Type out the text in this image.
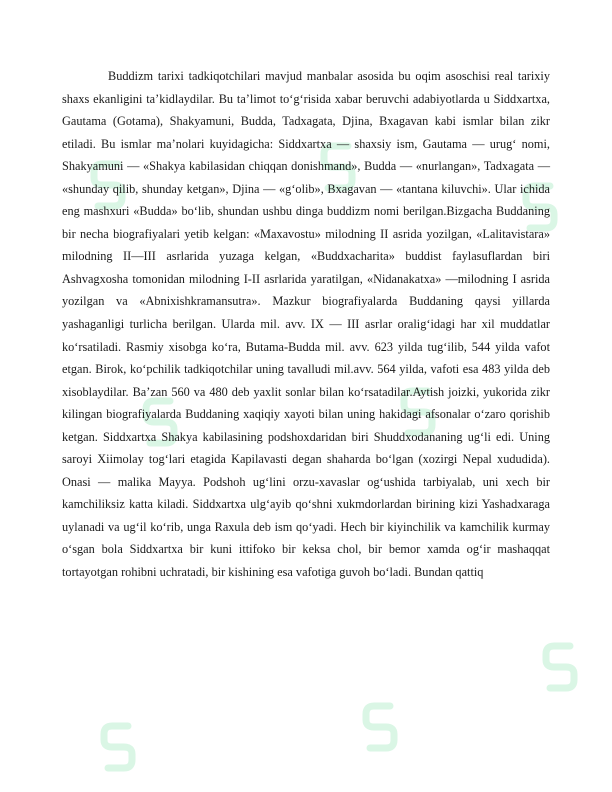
Buddizm tarixi tadkiqotchilari mavjud manbalar asosida bu oqim asoschisi real tarixiy shaxs ekanligini ta’kidlaydilar. Bu ta’limot to‘g‘risida xabar beruvchi adabiyotlarda u Siddxartxa, Gautama (Gotama), Shakyamuni, Budda, Tadxagata, Djina, Bxagavan kabi ismlar bilan zikr etiladi. Bu ismlar ma’nolari kuyidagicha: Siddxartxa — shaxsiy ism, Gautama — urug‘ nomi, Shakyamuni — «Shakya kabilasidan chiqqan donishmand», Budda — «nurlangan», Tadxagata — «shunday qilib, shunday ketgan», Djina — «g‘olib», Bxagavan — «tantana kiluvchi». Ular ichida eng mashxuri «Budda» bo‘lib, shundan ushbu dinga buddizm nomi berilgan.Bizgacha Buddaning bir necha biografiyalari yetib kelgan: «Maxavostu» milodning II asrida yozilgan, «Lalitavistara» milodning II—III asrlarida yuzaga kelgan, «Buddxacharita» buddist faylasuflardan biri Ashvagxosha tomonidan milodning I-II asrlarida yaratilgan, «Nidanakatxa» —milodning I asrida yozilgan va «Abnixishkramansutra». Mazkur biografiyalarda Buddaning qaysi yillarda yashaganligi turlicha berilgan. Ularda mil. avv. IX — III asrlar oralig‘idagi har xil muddatlar ko‘rsatiladi. Rasmiy xisobga ko‘ra, Butama-Budda mil. avv. 623 yilda tug‘ilib, 544 yilda vafot etgan. Birok, ko‘pchilik tadkiqotchilar uning tavalludi mil.avv. 564 yilda, vafoti esa 483 yilda deb xisoblaydilar. Ba’zan 560 va 480 deb yaxlit sonlar bilan ko‘rsatadilar.Aytish joizki, yukorida zikr kilingan biografiyalarda Buddaning xaqiqiy xayoti bilan uning hakidagi afsonalar o‘zaro qorishib ketgan. Siddxartxa Shakya kabilasining podshoxdaridan biri Shuddxodananing ug‘li edi. Uning saroyi Xiimolay tog‘lari etagida Kapilavasti degan shaharda bo‘lgan (xozirgi Nepal xududida). Onasi — malika Mayya. Podshoh ug‘lini orzu-xavaslar og‘ushida tarbiyalab, uni xech bir kamchiliksiz katta kiladi. Siddxartxa ulg‘ayib qo‘shni xukmdorlardan birining kizi Yashadxaraga uylanadi va ug‘il ko‘rib, unga Raxula deb ism qo‘yadi. Hech bir kiyinchilik va kamchilik kurmay o‘sgan bola Siddxartxa bir kuni ittifoko bir keksa chol, bir bemor xamda og‘ir mashaqqat tortayotgan rohibni uchratadi, bir kishining esa vafotiga guvoh bo‘ladi. Bundan qattiq
